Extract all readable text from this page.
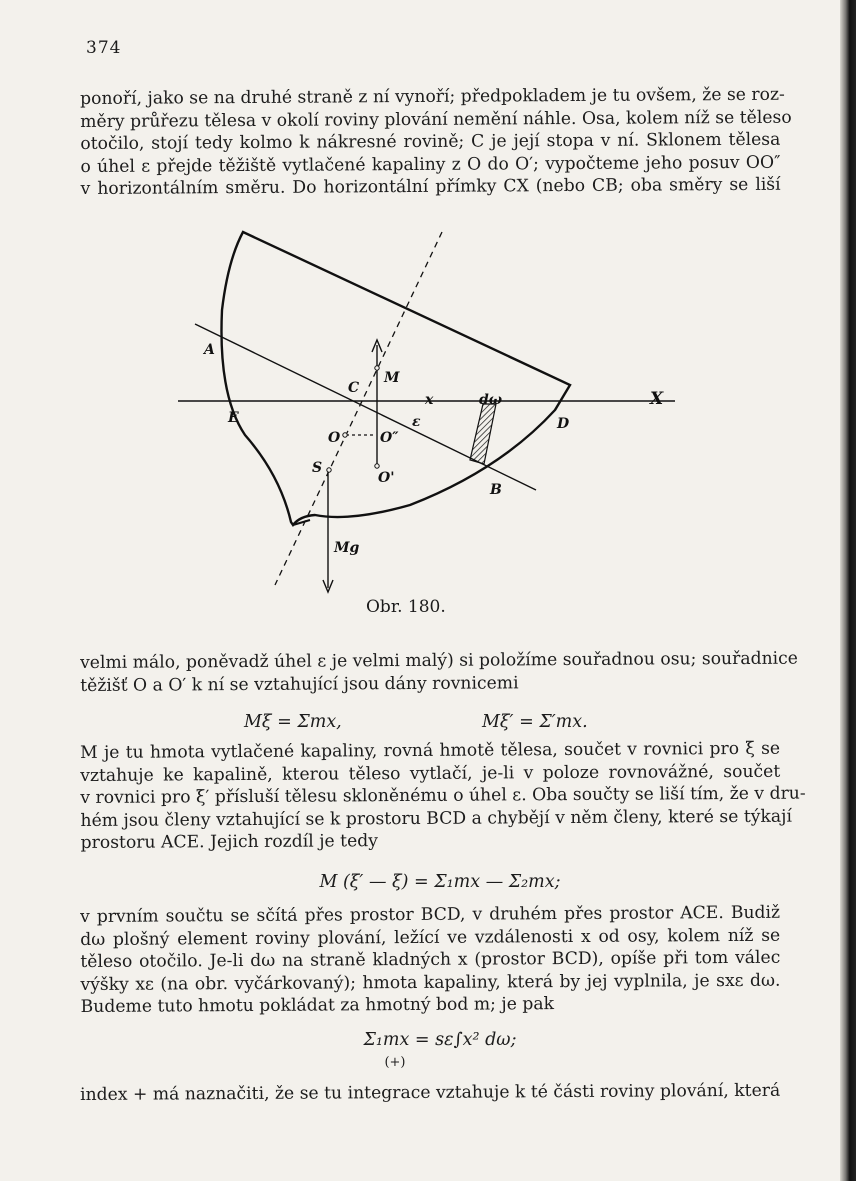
374

ponoří, jako se na druhé straně z ní vynoří; předpokladem je tu ovšem, že se roz-
měry průřezu tělesa v okolí roviny plování nemění náhle. Osa, kolem níž se těleso
otočilo, stojí tedy kolmo k nákresné rovině; C je její stopa v ní. Sklonem tělesa
o úhel ε přejde těžiště vytlačené kapaliny z O do O′; vypočteme jeho posuv OO″
v horizontálním směru. Do horizontální přímky CX (nebo CB; oba směry se liší

A
E
C
M
x
ε
dω	X
D
O	O″
O'
S
B
Mg
Obr. 180.

velmi málo, poněvadž úhel ε je velmi malý) si položíme souřadnou osu; souřadnice
těžišť O a O′ k ní se vztahující jsou dány rovnicemi

Mξ = Σmx,	Mξ′ = Σ′mx.

M je tu hmota vytlačené kapaliny, rovná hmotě tělesa, součet v rovnici pro ξ se
vztahuje ke kapalině, kterou těleso vytlačí, je-li v poloze rovnovážné, součet
v rovnici pro ξ′ přísluší tělesu skloněnému o úhel ε. Oba součty se liší tím, že v dru-
hém jsou členy vztahující se k prostoru BCD a chybějí v něm členy, které se týkají
prostoru ACE. Jejich rozdíl je tedy

M (ξ′ — ξ) = Σ₁mx — Σ₂mx;

v prvním součtu se sčítá přes prostor BCD, v druhém přes prostor ACE. Budiž
dω plošný element roviny plování, ležící ve vzdálenosti x od osy, kolem níž se
těleso otočilo. Je-li dω na straně kladných x (prostor BCD), opíše při tom válec
výšky xε (na obr. vyčárkovaný); hmota kapaliny, která by jej vyplnila, je sxε dω.
Budeme tuto hmotu pokládat za hmotný bod m; je pak

Σ₁mx = sε∫x² dω;
(+)

index + má naznačiti, že se tu integrace vztahuje k té části roviny plování, která
